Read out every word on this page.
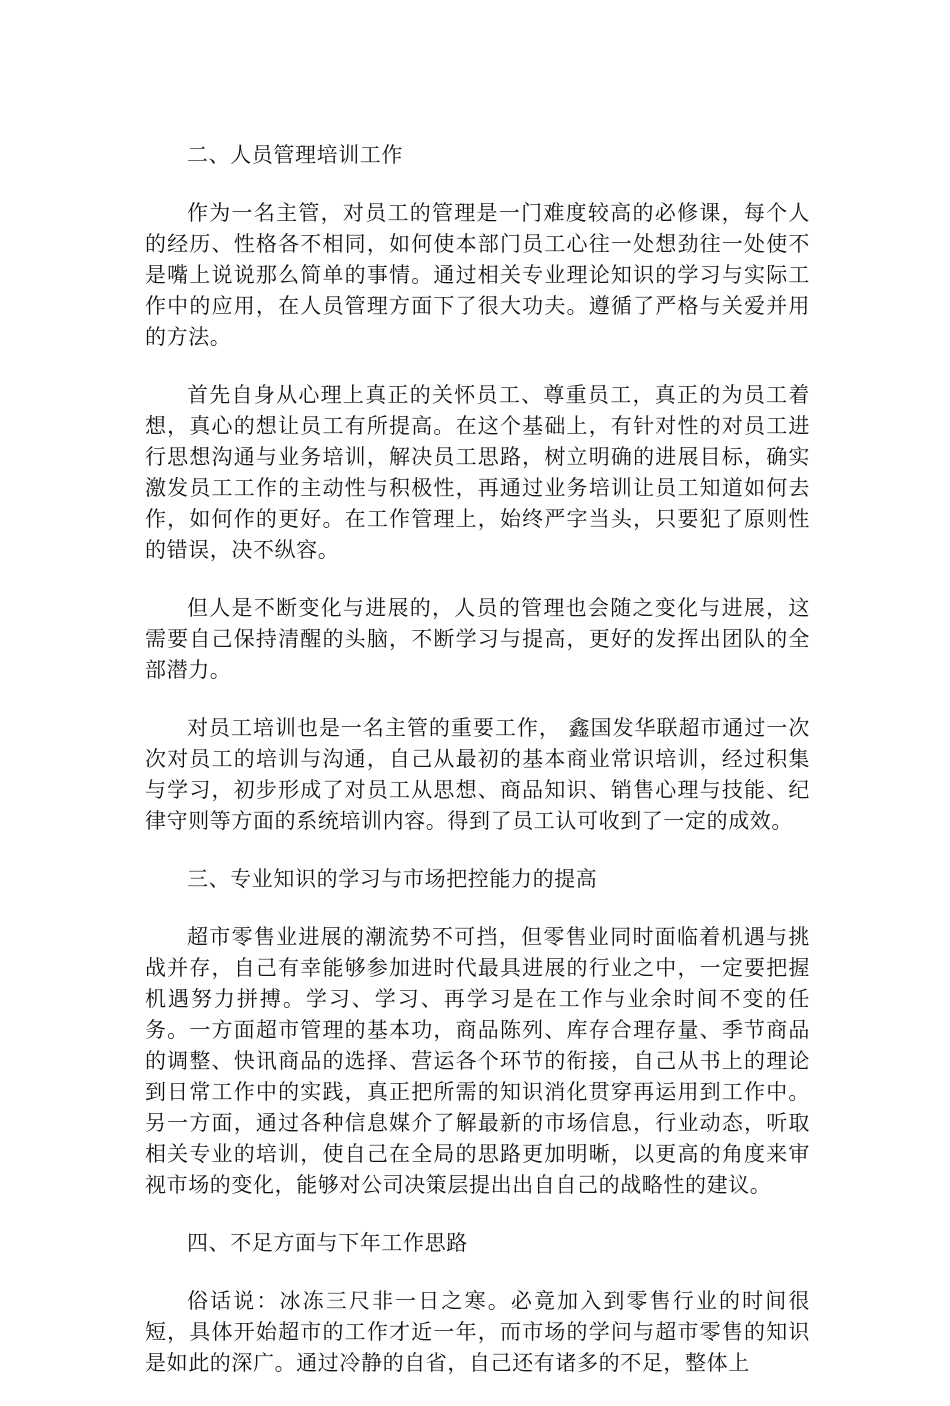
二、人员管理培训工作

作为一名主管，对员工的管理是一门难度较高的必修课，每个人的经历、性格各不相同，如何使本部门员工心往一处想劲往一处使不是嘴上说说那么简单的事情。通过相关专业理论知识的学习与实际工作中的应用，在人员管理方面下了很大功夫。遵循了严格与关爱并用的方法。

首先自身从心理上真正的关怀员工、尊重员工，真正的为员工着想，真心的想让员工有所提高。在这个基础上，有针对性的对员工进行思想沟通与业务培训，解决员工思路，树立明确的进展目标，确实激发员工工作的主动性与积极性，再通过业务培训让员工知道如何去作，如何作的更好。在工作管理上，始终严字当头，只要犯了原则性的错误，决不纵容。

但人是不断变化与进展的，人员的管理也会随之变化与进展，这需要自己保持清醒的头脑，不断学习与提高，更好的发挥出团队的全部潜力。

对员工培训也是一名主管的重要工作， 鑫国发华联超市通过一次次对员工的培训与沟通，自己从最初的基本商业常识培训，经过积集与学习，初步形成了对员工从思想、商品知识、销售心理与技能、纪律守则等方面的系统培训内容。得到了员工认可收到了一定的成效。

三、专业知识的学习与市场把控能力的提高

超市零售业进展的潮流势不可挡，但零售业同时面临着机遇与挑战并存，自己有幸能够参加进时代最具进展的行业之中，一定要把握机遇努力拼搏。学习、学习、再学习是在工作与业余时间不变的任务。一方面超市管理的基本功，商品陈列、库存合理存量、季节商品的调整、快讯商品的选择、营运各个环节的衔接，自己从书上的理论到日常工作中的实践，真正把所需的知识消化贯穿再运用到工作中。另一方面，通过各种信息媒介了解最新的市场信息，行业动态，听取相关专业的培训，使自己在全局的思路更加明晰，以更高的角度来审视市场的变化，能够对公司决策层提出出自自己的战略性的建议。

四、不足方面与下年工作思路

俗话说：冰冻三尺非一日之寒。必竟加入到零售行业的时间很短，具体开始超市的工作才近一年，而市场的学问与超市零售的知识是如此的深广。通过冷静的自省，自己还有诸多的不足，整体上
